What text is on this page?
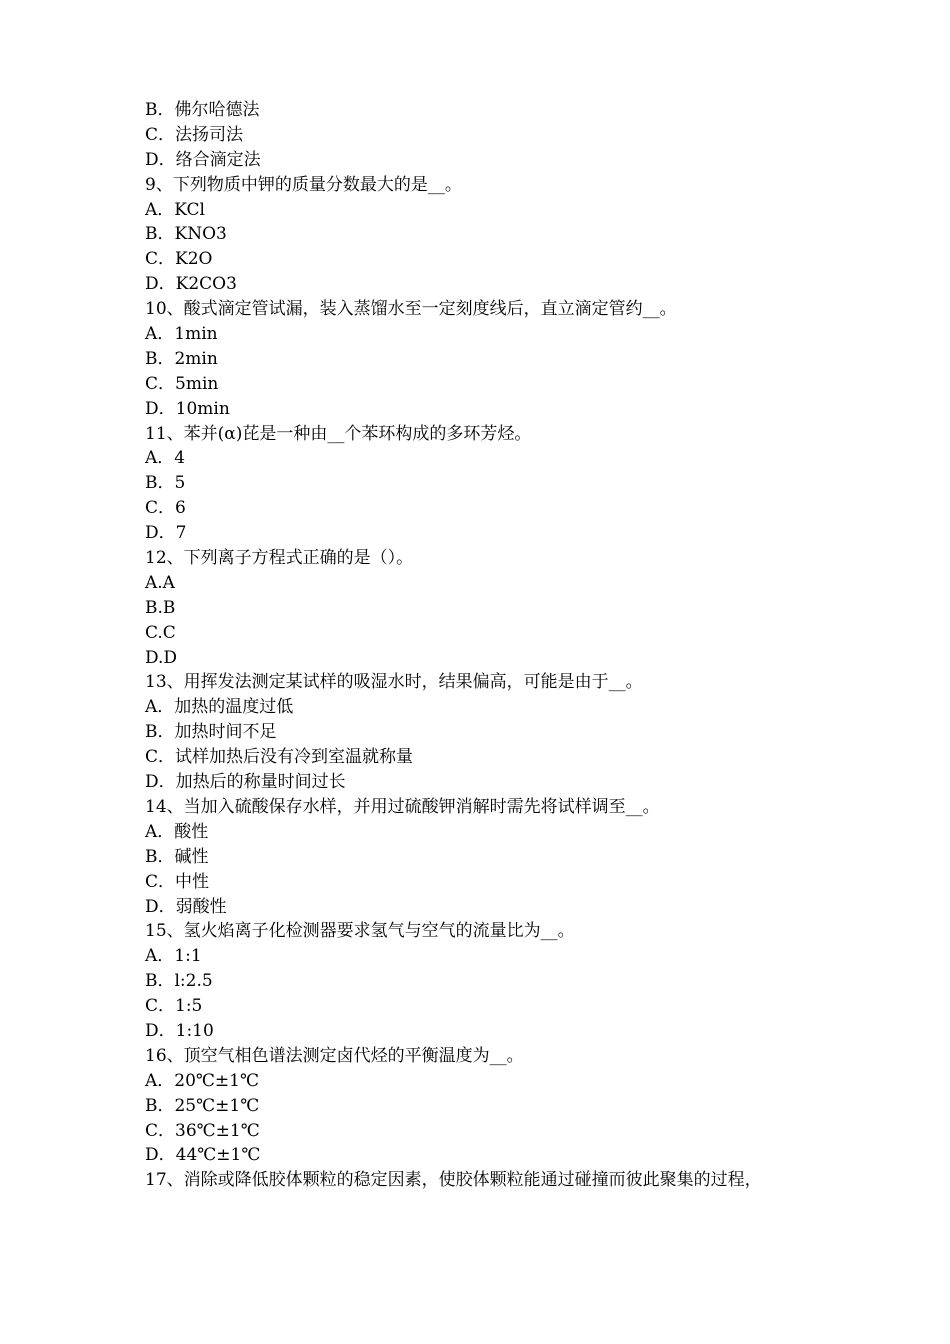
B．佛尔哈德法
C．法扬司法
D．络合滴定法
9、下列物质中钾的质量分数最大的是__。
A．KCl
B．KNO3
C．K2O
D．K2CO3
10、酸式滴定管试漏，装入蒸馏水至一定刻度线后，直立滴定管约__。
A．1min
B．2min
C．5min
D．10min
11、苯并(α)芘是一种由__个苯环构成的多环芳烃。
A．4
B．5
C．6
D．7
12、下列离子方程式正确的是（）。
A.A
B.B
C.C
D.D
13、用挥发法测定某试样的吸湿水时，结果偏高，可能是由于__。
A．加热的温度过低
B．加热时间不足
C．试样加热后没有冷到室温就称量
D．加热后的称量时间过长
14、当加入硫酸保存水样，并用过硫酸钾消解时需先将试样调至__。
A．酸性
B．碱性
C．中性
D．弱酸性
15、氢火焰离子化检测器要求氢气与空气的流量比为__。
A．1:1
B．l:2.5
C．1:5
D．1:10
16、顶空气相色谱法测定卤代烃的平衡温度为__。
A．20℃±1℃
B．25℃±1℃
C．36℃±1℃
D．44℃±1℃
17、消除或降低胶体颗粒的稳定因素，使胶体颗粒能通过碰撞而彼此聚集的过程，
